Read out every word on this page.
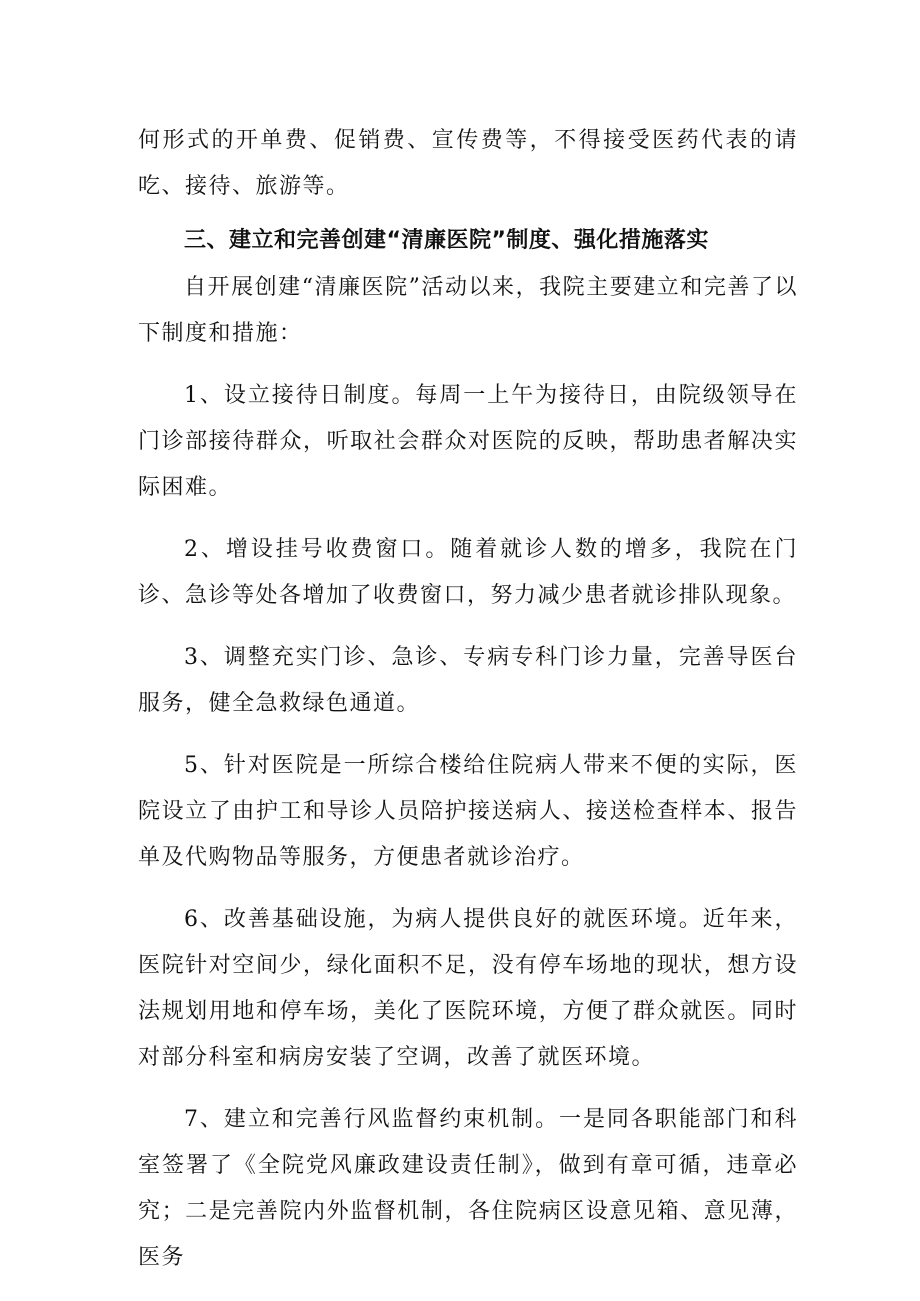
何形式的开单费、促销费、宣传费等，不得接受医药代表的请吃、接待、旅游等。

三、建立和完善创建“清廉医院”制度、强化措施落实

自开展创建“清廉医院”活动以来，我院主要建立和完善了以下制度和措施：

1、设立接待日制度。每周一上午为接待日，由院级领导在门诊部接待群众，听取社会群众对医院的反映，帮助患者解决实际困难。

2、增设挂号收费窗口。随着就诊人数的增多，我院在门诊、急诊等处各增加了收费窗口，努力减少患者就诊排队现象。

3、调整充实门诊、急诊、专病专科门诊力量，完善导医台服务，健全急救绿色通道。

5、针对医院是一所综合楼给住院病人带来不便的实际，医院设立了由护工和导诊人员陪护接送病人、接送检查样本、报告单及代购物品等服务，方便患者就诊治疗。

6、改善基础设施，为病人提供良好的就医环境。近年来，医院针对空间少，绿化面积不足，没有停车场地的现状，想方设法规划用地和停车场，美化了医院环境，方便了群众就医。同时对部分科室和病房安装了空调，改善了就医环境。

7、建立和完善行风监督约束机制。一是同各职能部门和科室签署了《全院党风廉政建设责任制》，做到有章可循，违章必究；二是完善院内外监督机制，各住院病区设意见箱、意见薄，医务
